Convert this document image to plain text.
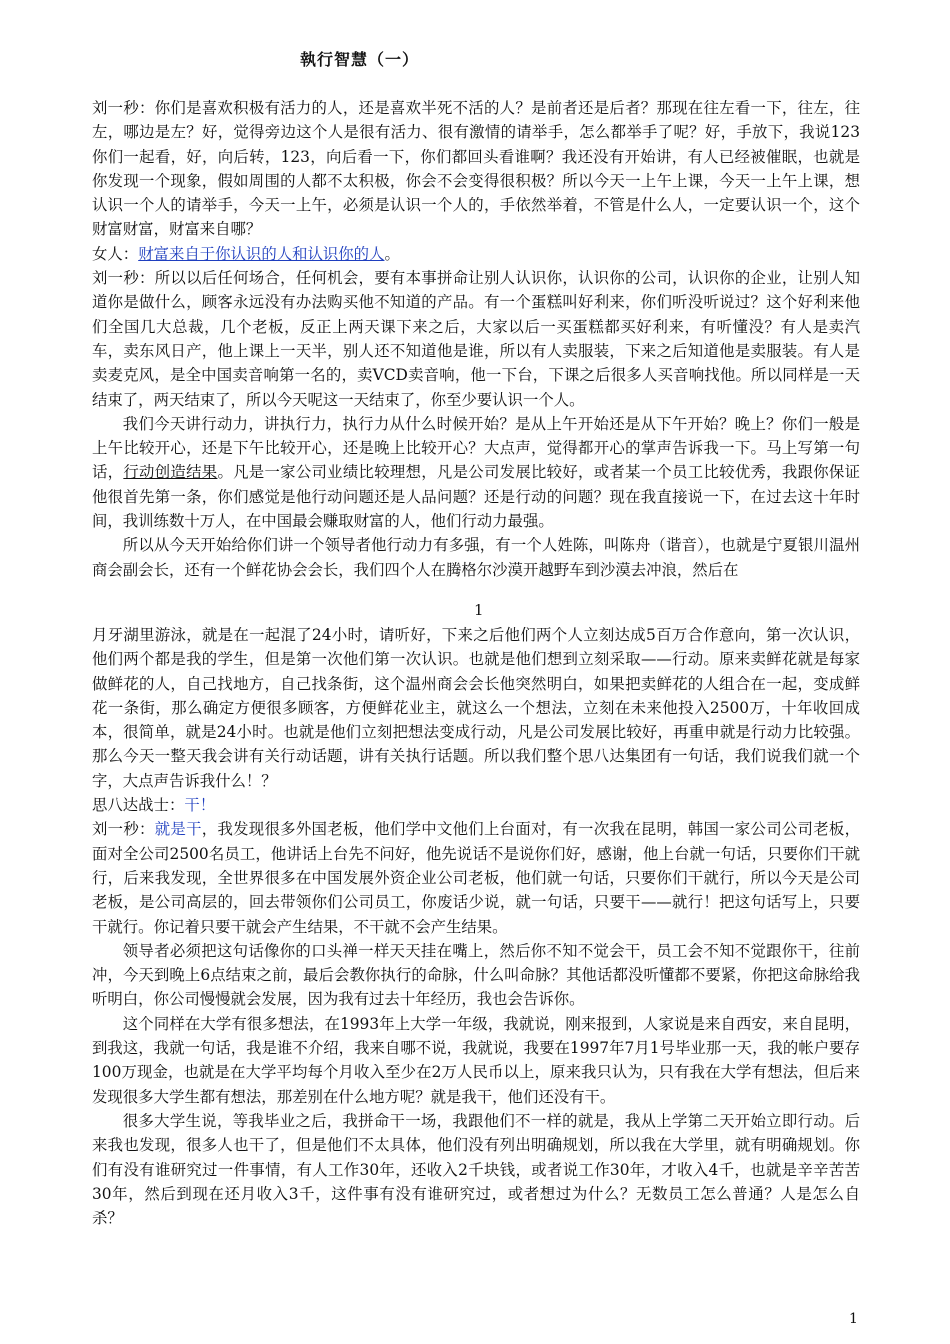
執行智慧（一）

刘一秒：你们是喜欢积极有活力的人，还是喜欢半死不活的人？是前者还是后者？那现在往左看一下，往左，往左，哪边是左？好，觉得旁边这个人是很有活力、很有激情的请举手，怎么都举手了呢？好，手放下，我说123你们一起看，好，向后转，123，向后看一下，你们都回头看谁啊？我还没有开始讲，有人已经被催眠，也就是你发现一个现象，假如周围的人都不太积极，你会不会变得很积极？所以今天一上午上课，今天一上午上课，想认识一个人的请举手，今天一上午，必须是认识一个人的，手依然举着，不管是什么人，一定要认识一个，这个财富财富，财富来自哪？

女人：财富来自于你认识的人和认识你的人。

刘一秒：所以以后任何场合，任何机会，要有本事拼命让别人认识你，认识你的公司，认识你的企业，让别人知道你是做什么，顾客永远没有办法购买他不知道的产品。有一个蛋糕叫好利来，你们听没听说过？这个好利来他们全国几大总裁，几个老板，反正上两天课下来之后，大家以后一买蛋糕都买好利来，有听懂没？有人是卖汽车，卖东风日产，他上课上一天半，别人还不知道他是谁，所以有人卖服装，下来之后知道他是卖服装。有人是卖麦克风，是全中国卖音响第一名的，卖VCD卖音响，他一下台，下课之后很多人买音响找他。所以同样是一天结束了，两天结束了，所以今天呢这一天结束了，你至少要认识一个人。

我们今天讲行动力，讲执行力，执行力从什么时候开始？是从上午开始还是从下午开始？晚上？你们一般是上午比较开心，还是下午比较开心，还是晚上比较开心？大点声，觉得都开心的掌声告诉我一下。马上写第一句话，行动创造结果。凡是一家公司业绩比较理想，凡是公司发展比较好，或者某一个员工比较优秀，我跟你保证他很首先第一条，你们感觉是他行动问题还是人品问题？还是行动的问题？现在我直接说一下，在过去这十年时间，我训练数十万人，在中国最会赚取财富的人，他们行动力最强。

所以从今天开始给你们讲一个领导者他行动力有多强，有一个人姓陈，叫陈舟（谐音），也就是宁夏银川温州商会副会长，还有一个鲜花协会会长，我们四个人在腾格尔沙漠开越野车到沙漠去冲浪，然后在

1

月牙湖里游泳，就是在一起混了24小时，请听好，下来之后他们两个人立刻达成5百万合作意向，第一次认识，他们两个都是我的学生，但是第一次他们第一次认识。也就是他们想到立刻采取——行动。原来卖鲜花就是每家做鲜花的人，自己找地方，自己找条街，这个温州商会会长他突然明白，如果把卖鲜花的人组合在一起，变成鲜花一条街，那么确定方便很多顾客，方便鲜花业主，就这么一个想法，立刻在未来他投入2500万，十年收回成本，很简单，就是24小时。也就是他们立刻把想法变成行动，凡是公司发展比较好，再重申就是行动力比较强。那么今天一整天我会讲有关行动话题，讲有关执行话题。所以我们整个思八达集团有一句话，我们说我们就一个字，大点声告诉我什么！？

思八达战士：干！

刘一秒：就是干，我发现很多外国老板，他们学中文他们上台面对，有一次我在昆明，韩国一家公司公司老板，面对全公司2500名员工，他讲话上台先不问好，他先说话不是说你们好，感谢，他上台就一句话，只要你们干就行，后来我发现，全世界很多在中国发展外资企业公司老板，他们就一句话，只要你们干就行，所以今天是公司老板，是公司高层的，回去带领你们公司员工，你废话少说，就一句话，只要干——就行！把这句话写上，只要干就行。你记着只要干就会产生结果，不干就不会产生结果。

领导者必须把这句话像你的口头禅一样天天挂在嘴上，然后你不知不觉会干，员工会不知不觉跟你干，往前冲，今天到晚上6点结束之前，最后会教你执行的命脉，什么叫命脉？其他话都没听懂都不要紧，你把这命脉给我听明白，你公司慢慢就会发展，因为我有过去十年经历，我也会告诉你。

这个同样在大学有很多想法，在1993年上大学一年级，我就说，刚来报到，人家说是来自西安，来自昆明，到我这，我就一句话，我是谁不介绍，我来自哪不说，我就说，我要在1997年7月1号毕业那一天，我的帐户要存100万现金，也就是在大学平均每个月收入至少在2万人民币以上，原来我只认为，只有我在大学有想法，但后来发现很多大学生都有想法，那差别在什么地方呢？就是我干，他们还没有干。

很多大学生说，等我毕业之后，我拼命干一场，我跟他们不一样的就是，我从上学第二天开始立即行动。后来我也发现，很多人也干了，但是他们不太具体，他们没有列出明确规划，所以我在大学里，就有明确规划。你们有没有谁研究过一件事情，有人工作30年，还收入2千块钱，或者说工作30年，才收入4千，也就是辛辛苦苦30年，然后到现在还月收入3千，这件事有没有谁研究过，或者想过为什么？无数员工怎么普通？人是怎么自杀？

1
